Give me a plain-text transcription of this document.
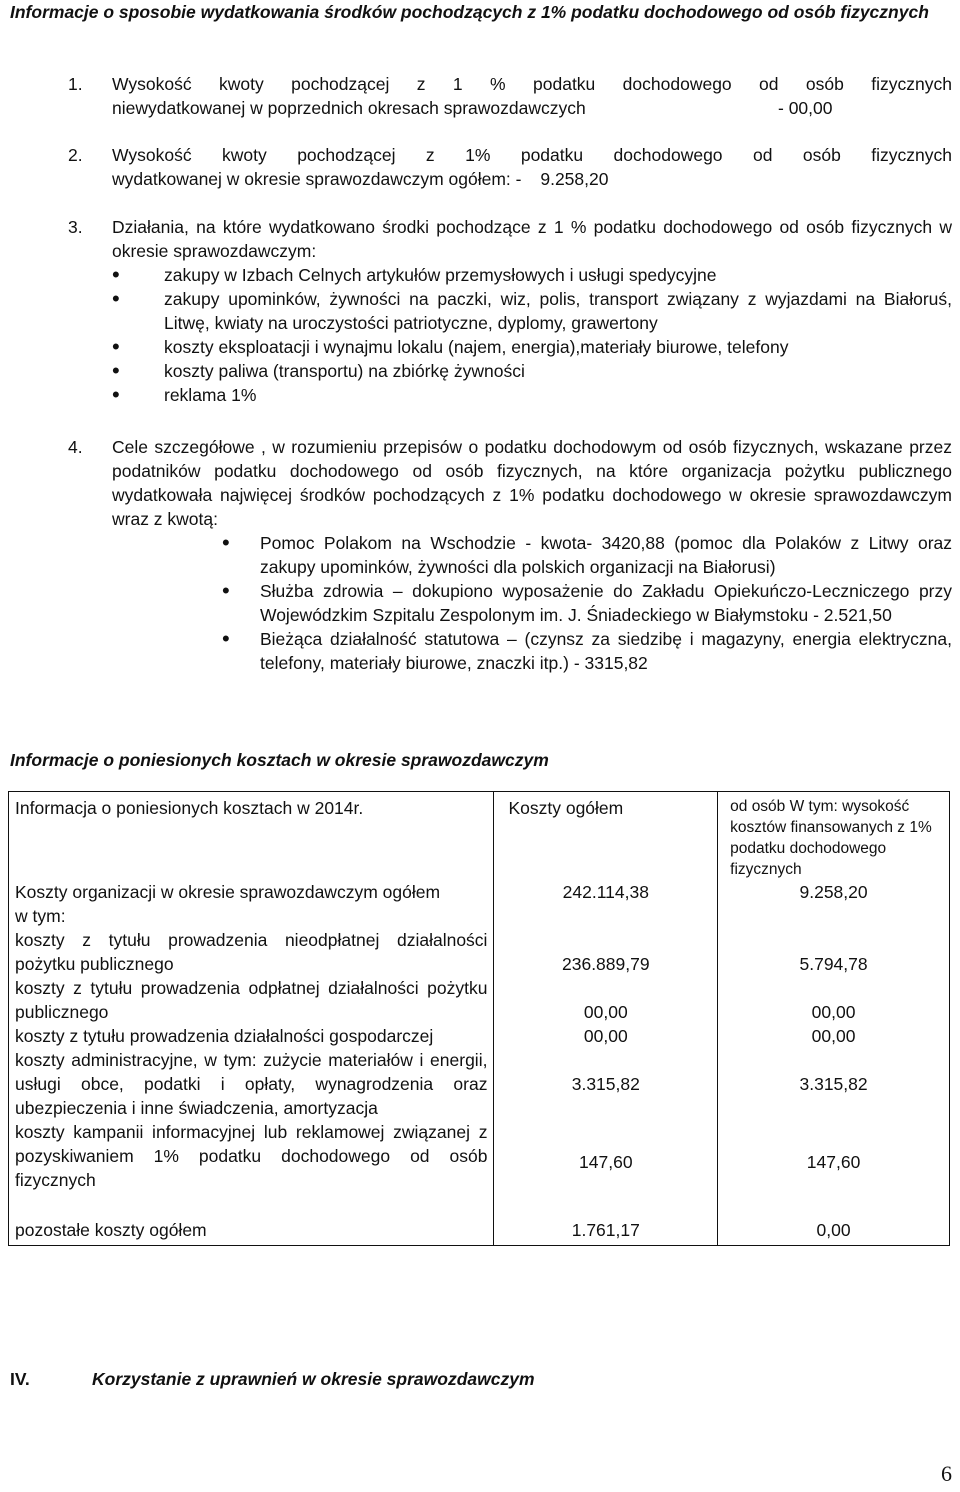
Informacje o sposobie wydatkowania środków pochodzących z 1% podatku dochodowego od osób fizycznych

1. Wysokość kwoty pochodzącej z 1 % podatku dochodowego od osób fizycznych
niewydatkowanej w poprzednich okresach sprawozdawczych	- 00,00
2. Wysokość kwoty pochodzącej z 1% podatku dochodowego od osób fizycznych
wydatkowanej w okresie sprawozdawczym ogółem: - 9.258,20
3. Działania, na które wydatkowano środki pochodzące z 1 % podatku dochodowego od osób fizycznych w okresie sprawozdawczym:
• zakupy w Izbach Celnych artykułów przemysłowych i usługi spedycyjne
• zakupy upominków, żywności na paczki, wiz, polis, transport związany z wyjazdami na Białoruś, Litwę, kwiaty na uroczystości patriotyczne, dyplomy, grawertony
• koszty eksploatacji i wynajmu lokalu (najem, energia),materiały biurowe, telefony
• koszty paliwa (transportu) na zbiórkę żywności
• reklama 1%
4. Cele szczegółowe , w rozumieniu przepisów o podatku dochodowym od osób fizycznych, wskazane przez podatników podatku dochodowego od osób fizycznych, na które organizacja pożytku publicznego wydatkowała najwięcej środków pochodzących z 1% podatku dochodowego w okresie sprawozdawczym wraz z kwotą:
• Pomoc Polakom na Wschodzie - kwota- 3420,88 (pomoc dla Polaków z Litwy oraz zakupy upominków, żywności dla polskich organizacji na Białorusi)
• Służba zdrowia – dokupiono wyposażenie do Zakładu Opiekuńczo-Leczniczego przy Wojewódzkim Szpitalu Zespolonym im. J. Śniadeckiego w Białymstoku - 2.521,50
• Bieżąca działalność statutowa – (czynsz za siedzibę i magazyny, energia elektryczna, telefony, materiały biurowe, znaczki itp.) - 3315,82

Informacje o poniesionych kosztach w okresie sprawozdawczym

Informacja o poniesionych kosztach w 2014r.	Koszty ogółem	od osób W tym: wysokość kosztów finansowanych z 1% podatku dochodowego fizycznych

Koszty organizacji w okresie sprawozdawczym ogółem	242.114,38	9.258,20
w tym:		
koszty z tytułu prowadzenia nieodpłatnej działalności pożytku publicznego	236.889,79	5.794,78
koszty z tytułu prowadzenia odpłatnej działalności pożytku publicznego	00,00	00,00
koszty z tytułu prowadzenia działalności gospodarczej	00,00	00,00
koszty administracyjne, w tym: zużycie materiałów i energii, usługi obce, podatki i opłaty, wynagrodzenia oraz ubezpieczenia i inne świadczenia, amortyzacja	3.315,82	3.315,82
koszty kampanii informacyjnej lub reklamowej związanej z pozyskiwaniem 1% podatku dochodowego od osób fizycznych	147,60	147,60
pozostałe koszty ogółem	1.761,17	0,00

IV.	Korzystanie z uprawnień w okresie sprawozdawczym

6
